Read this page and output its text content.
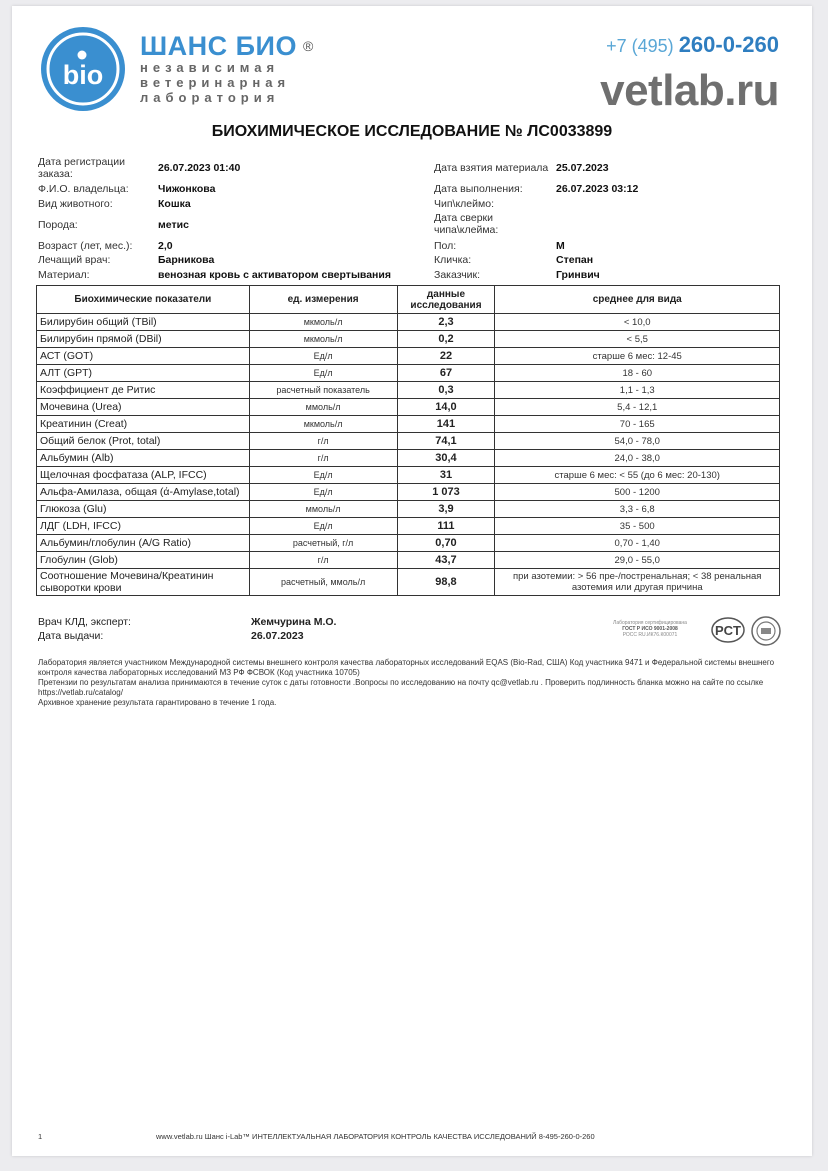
bio
ШАНС БИО ®
независимая
ветеринарная
лаборатория
+7 (495) 260-0-260
vetlab.ru
БИОХИМИЧЕСКОЕ ИССЛЕДОВАНИЕ № ЛС0033899
Дата регистрации заказа:	26.07.2023 01:40
Ф.И.О. владельца:	Чижонкова
Вид животного:	Кошка
Порода:	метис
Возраст (лет, мес.): 2,0
Лечащий врач:	Барникова
Материал:	венозная кровь с активатором свертывания
Дата взятия материала 25.07.2023
Дата выполнения:	26.07.2023 03:12
Чип\клеймо:
Дата сверки чипа\клейма:
Пол:	М
Кличка:	Степан
Заказчик:	Гринвич
Биохимические показатели	ед. измерения	данные исследования	среднее для вида
Билирубин общий (TBil)	мкмоль/л	2,3	< 10,0
Билирубин прямой (DBil)	мкмоль/л	0,2	< 5,5
АСТ (GOT)	Ед/л	22	старше 6 мес: 12-45
АЛТ (GPT)	Ед/л	67	18 - 60
Коэффициент де Ритис	расчетный показатель	0,3	1,1 - 1,3
Мочевина (Urea)	ммоль/л	14,0	5,4 - 12,1
Креатинин (Creat)	мкмоль/л	141	70 - 165
Общий белок (Prot, total)	г/л	74,1	54,0 - 78,0
Альбумин (Alb)	г/л	30,4	24,0 - 38,0
Щелочная фосфатаза (ALP, IFCC)	Ед/л	31	старше 6 мес: < 55 (до 6 мес: 20-130)
Альфа-Амилаза, общая (ά-Amylase,total)	Ед/л	1 073	500 - 1200
Глюкоза (Glu)	ммоль/л	3,9	3,3 - 6,8
ЛДГ (LDH, IFCC)	Ед/л	111	35 - 500
Альбумин/глобулин (A/G Ratio)	расчетный, г/л	0,70	0,70 - 1,40
Глобулин (Glob)	г/л	43,7	29,0 - 55,0
Соотношение Мочевина/Креатинин сыворотки крови	расчетный, ммоль/л	98,8	при азотемии: > 56 пре-/постренальная; < 38 ренальная азотемия или другая причина
Врач КЛД, эксперт:	Жемчурина М.О.
Дата выдачи:	26.07.2023
Лаборатория сертифицирована
ГОСТ Р ИСО 9001-2008
РОСС RU.ИК76.К00071	PCT
Лаборатория является участником Международной системы внешнего контроля качества лабораторных исследований EQAS (Bio-Rad, США) Код участника 9471 и Федеральной системы внешнего контроля качества лабораторных исследований МЗ РФ ФСВОК (Код участника 10705)
Претензии по результатам анализа принимаются в течение суток с даты готовности .Вопросы по исследованию на почту qc@vetlab.ru . Проверить подлинность бланка можно на сайте по ссылке https://vetlab.ru/catalog/
Архивное хранение результата гарантировано в течение 1 года.
1	www.vetlab.ru Шанс i-Lab™ ИНТЕЛЛЕКТУАЛЬНАЯ ЛАБОРАТОРИЯ КОНТРОЛЬ КАЧЕСТВА ИССЛЕДОВАНИЙ 8-495-260-0-260
